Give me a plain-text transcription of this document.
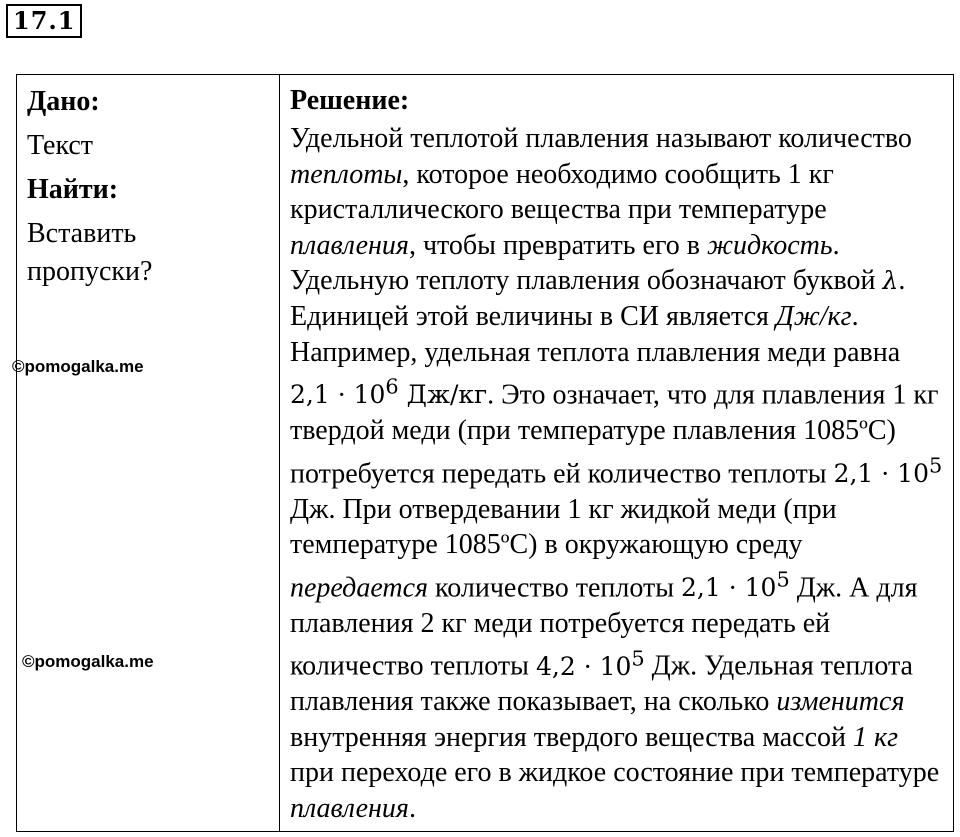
17.1
Дано:
Текст
Найти:
Вставить
пропуски?

Решение:

Удельной теплотой плавления называют количество теплоты, которое необходимо сообщить 1 кг кристаллического вещества при температуре плавления, чтобы превратить его в жидкость. Удельную теплоту плавления обозначают буквой λ. Единицей этой величины в СИ является Дж/кг. Например, удельная теплота плавления меди равна $2,1 \cdot 10^6$ Дж/кг. Это означает, что для плавления 1 кг твердой меди (при температуре плавления 1085ºС) потребуется передать ей количество теплоты $2,1 \cdot 10^5$ Дж. При отвердевании 1 кг жидкой меди (при температуре 1085ºС) в окружающую среду передается количество теплоты $2,1 \cdot 10^5$ Дж. А для плавления 2 кг меди потребуется передать ей количество теплоты $4,2 \cdot 10^5$ Дж. Удельная теплота плавления также показывает, на сколько изменится внутренняя энергия твердого вещества массой 1 кг при переходе его в жидкое состояние при температуре плавления.

©pomogalka.me
©pomogalka.me
